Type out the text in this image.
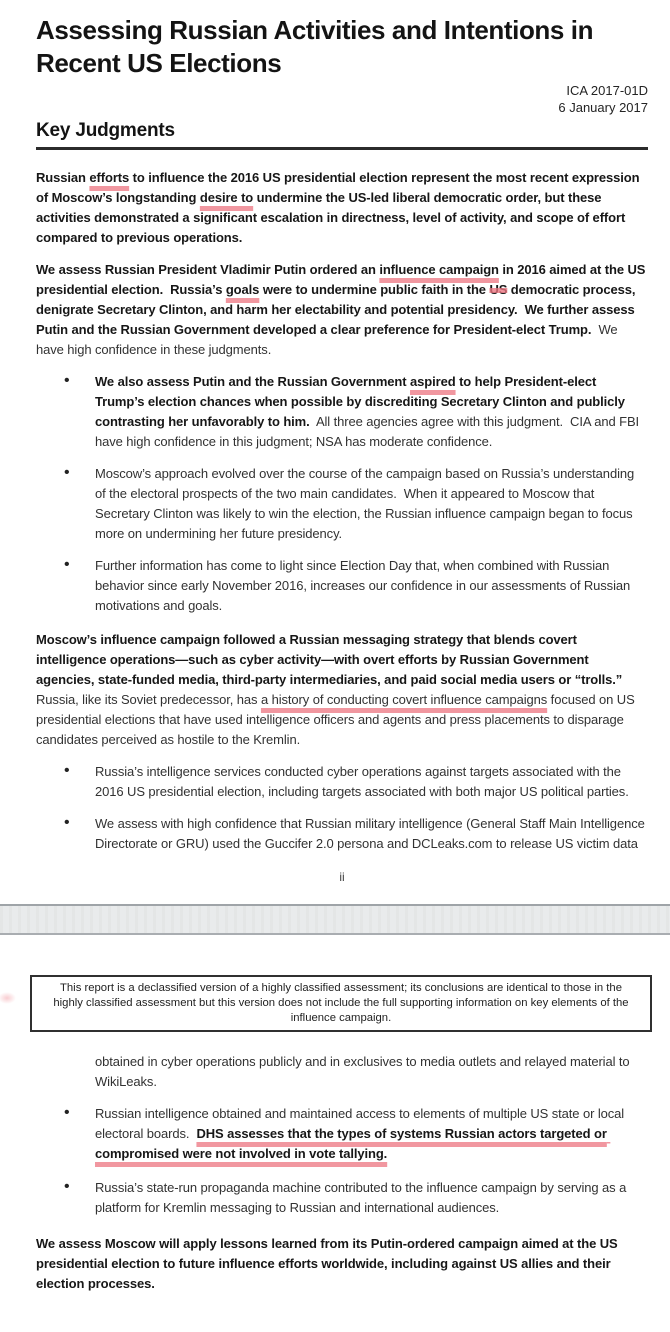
Assessing Russian Activities and Intentions in
Recent US Elections
ICA 2017-01D
6 January 2017
Key Judgments

Russian efforts to influence the 2016 US presidential election represent the most recent expression of Moscow’s longstanding desire to undermine the US-led liberal democratic order, but these activities demonstrated a significant escalation in directness, level of activity, and scope of effort compared to previous operations.

We assess Russian President Vladimir Putin ordered an influence campaign in 2016 aimed at the US presidential election.  Russia’s goals were to undermine public faith in the US democratic process, denigrate Secretary Clinton, and harm her electability and potential presidency.  We further assess Putin and the Russian Government developed a clear preference for President-elect Trump.  We have high confidence in these judgments.

• We also assess Putin and the Russian Government aspired to help President-elect Trump’s election chances when possible by discrediting Secretary Clinton and publicly contrasting her unfavorably to him.  All three agencies agree with this judgment.  CIA and FBI have high confidence in this judgment; NSA has moderate confidence.

• Moscow’s approach evolved over the course of the campaign based on Russia’s understanding of the electoral prospects of the two main candidates.  When it appeared to Moscow that Secretary Clinton was likely to win the election, the Russian influence campaign began to focus more on undermining her future presidency.

• Further information has come to light since Election Day that, when combined with Russian behavior since early November 2016, increases our confidence in our assessments of Russian motivations and goals.

Moscow’s influence campaign followed a Russian messaging strategy that blends covert intelligence operations—such as cyber activity—with overt efforts by Russian Government agencies, state-funded media, third-party intermediaries, and paid social media users or “trolls.” Russia, like its Soviet predecessor, has a history of conducting covert influence campaigns focused on US presidential elections that have used intelligence officers and agents and press placements to disparage candidates perceived as hostile to the Kremlin.

• Russia’s intelligence services conducted cyber operations against targets associated with the 2016 US presidential election, including targets associated with both major US political parties.

• We assess with high confidence that Russian military intelligence (General Staff Main Intelligence Directorate or GRU) used the Guccifer 2.0 persona and DCLeaks.com to release US victim data

ii
This report is a declassified version of a highly classified assessment; its conclusions are identical to those in the highly classified assessment but this version does not include the full supporting information on key elements of the influence campaign.

obtained in cyber operations publicly and in exclusives to media outlets and relayed material to WikiLeaks.

• Russian intelligence obtained and maintained access to elements of multiple US state or local electoral boards.  DHS assesses that the types of systems Russian actors targeted or compromised were not involved in vote tallying.

• Russia’s state-run propaganda machine contributed to the influence campaign by serving as a platform for Kremlin messaging to Russian and international audiences.

We assess Moscow will apply lessons learned from its Putin-ordered campaign aimed at the US presidential election to future influence efforts worldwide, including against US allies and their election processes.
